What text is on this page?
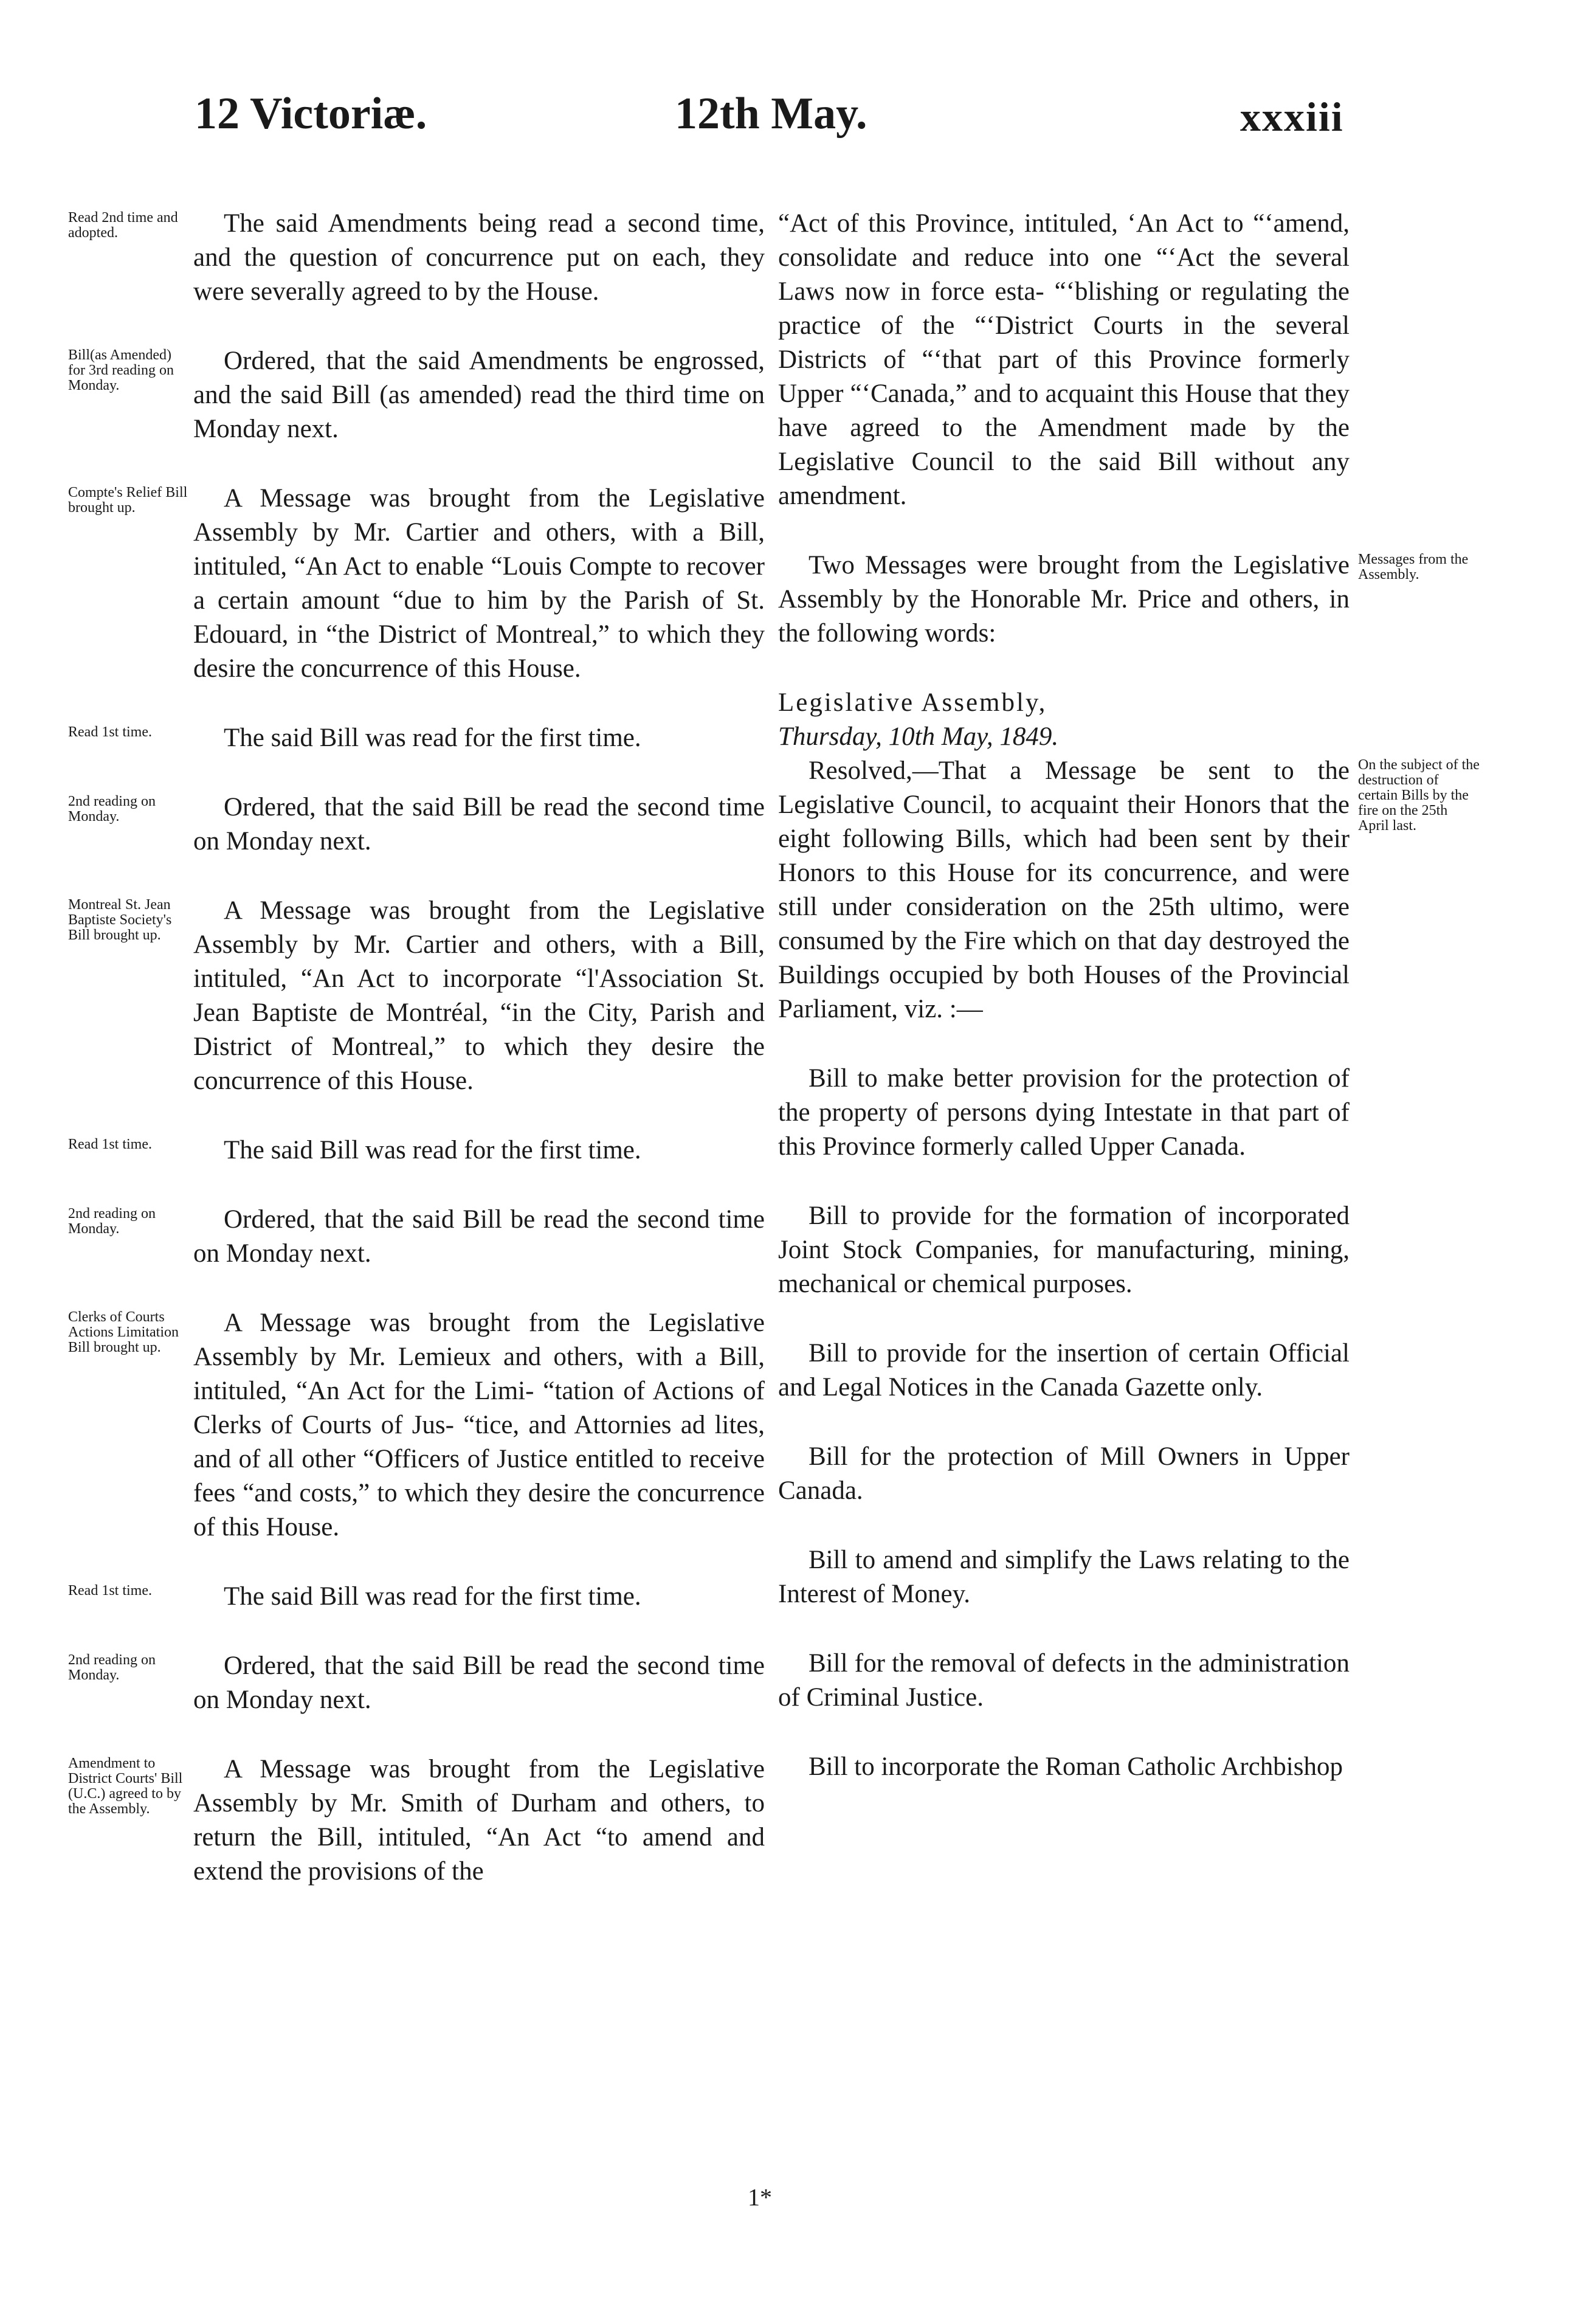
12 Victoriæ.	12th May.	xxxiii
Read 2nd time and adopted.	The said Amendments being read a second time, and the question of concurrence put on each, they were severally agreed to by the House.

Bill(as Amended) for 3rd reading on Monday.

Ordered, that the said Amendments be engrossed, and the said Bill (as amended) read the third time on Monday next.

Compte's Relief Bill brought up.	A Message was brought from the Legislative Assembly by Mr. Cartier and others, with a Bill, intituled, “An Act to enable “Louis Compte to recover a certain amount “due to him by the Parish of St. Edouard, in “the District of Montreal,” to which they desire the concurrence of this House.

Read 1st time.	The said Bill was read for the first time.

2nd reading on Monday.	Ordered, that the said Bill be read the second time on Monday next.

Montreal St. Jean Baptiste Society's Bill brought up.

A Message was brought from the Legislative Assembly by Mr. Cartier and others, with a Bill, intituled, “An Act to incorporate “l'Association St. Jean Baptiste de Montréal, “in the City, Parish and District of Montreal,” to which they desire the concurrence of this House.

Read 1st time.	The said Bill was read for the first time.

2nd reading on Monday.	Ordered, that the said Bill be read the second time on Monday next.

Clerks of Courts Actions Limitation Bill brought up.

A Message was brought from the Legislative Assembly by Mr. Lemieux and others, with a Bill, intituled, “An Act for the Limi- “tation of Actions of Clerks of Courts of Jus- “tice, and Attornies ad lites, and of all other “Officers of Justice entitled to receive fees “and costs,” to which they desire the concurrence of this House.

Read 1st time.	The said Bill was read for the first time.

2nd reading on Monday.	Ordered, that the said Bill be read the second time on Monday next.

Amendment to District Courts' Bill (U.C.) agreed to by the Assembly.

A Message was brought from the Legislative Assembly by Mr. Smith of Durham and others, to return the Bill, intituled, “An Act “to amend and extend the provisions of the

“Act of this Province, intituled, ‘An Act to “‘amend, consolidate and reduce into one “‘Act the several Laws now in force esta- “‘blishing or regulating the practice of the “‘District Courts in the several Districts of “‘that part of this Province formerly Upper “‘Canada,” and to acquaint this House that they have agreed to the Amendment made by the Legislative Council to the said Bill without any amendment.

Messages from the Assembly.

Two Messages were brought from the Legislative Assembly by the Honorable Mr. Price and others, in the following words:

Legislative Assembly,

Thursday, 10th May, 1849.

On the subject of the destruction of certain Bills by the fire on the 25th April last.

Resolved,—That a Message be sent to the Legislative Council, to acquaint their Honors that the eight following Bills, which had been sent by their Honors to this House for its concurrence, and were still under consideration on the 25th ultimo, were consumed by the Fire which on that day destroyed the Buildings occupied by both Houses of the Provincial Parliament, viz. :—

Bill to make better provision for the protection of the property of persons dying Intestate in that part of this Province formerly called Upper Canada.

Bill to provide for the formation of incorporated Joint Stock Companies, for manufacturing, mining, mechanical or chemical purposes.

Bill to provide for the insertion of certain Official and Legal Notices in the Canada Gazette only.

Bill for the protection of Mill Owners in Upper Canada.

Bill to amend and simplify the Laws relating to the Interest of Money.

Bill for the removal of defects in the administration of Criminal Justice.

Bill to incorporate the Roman Catholic Archbishop

1*
